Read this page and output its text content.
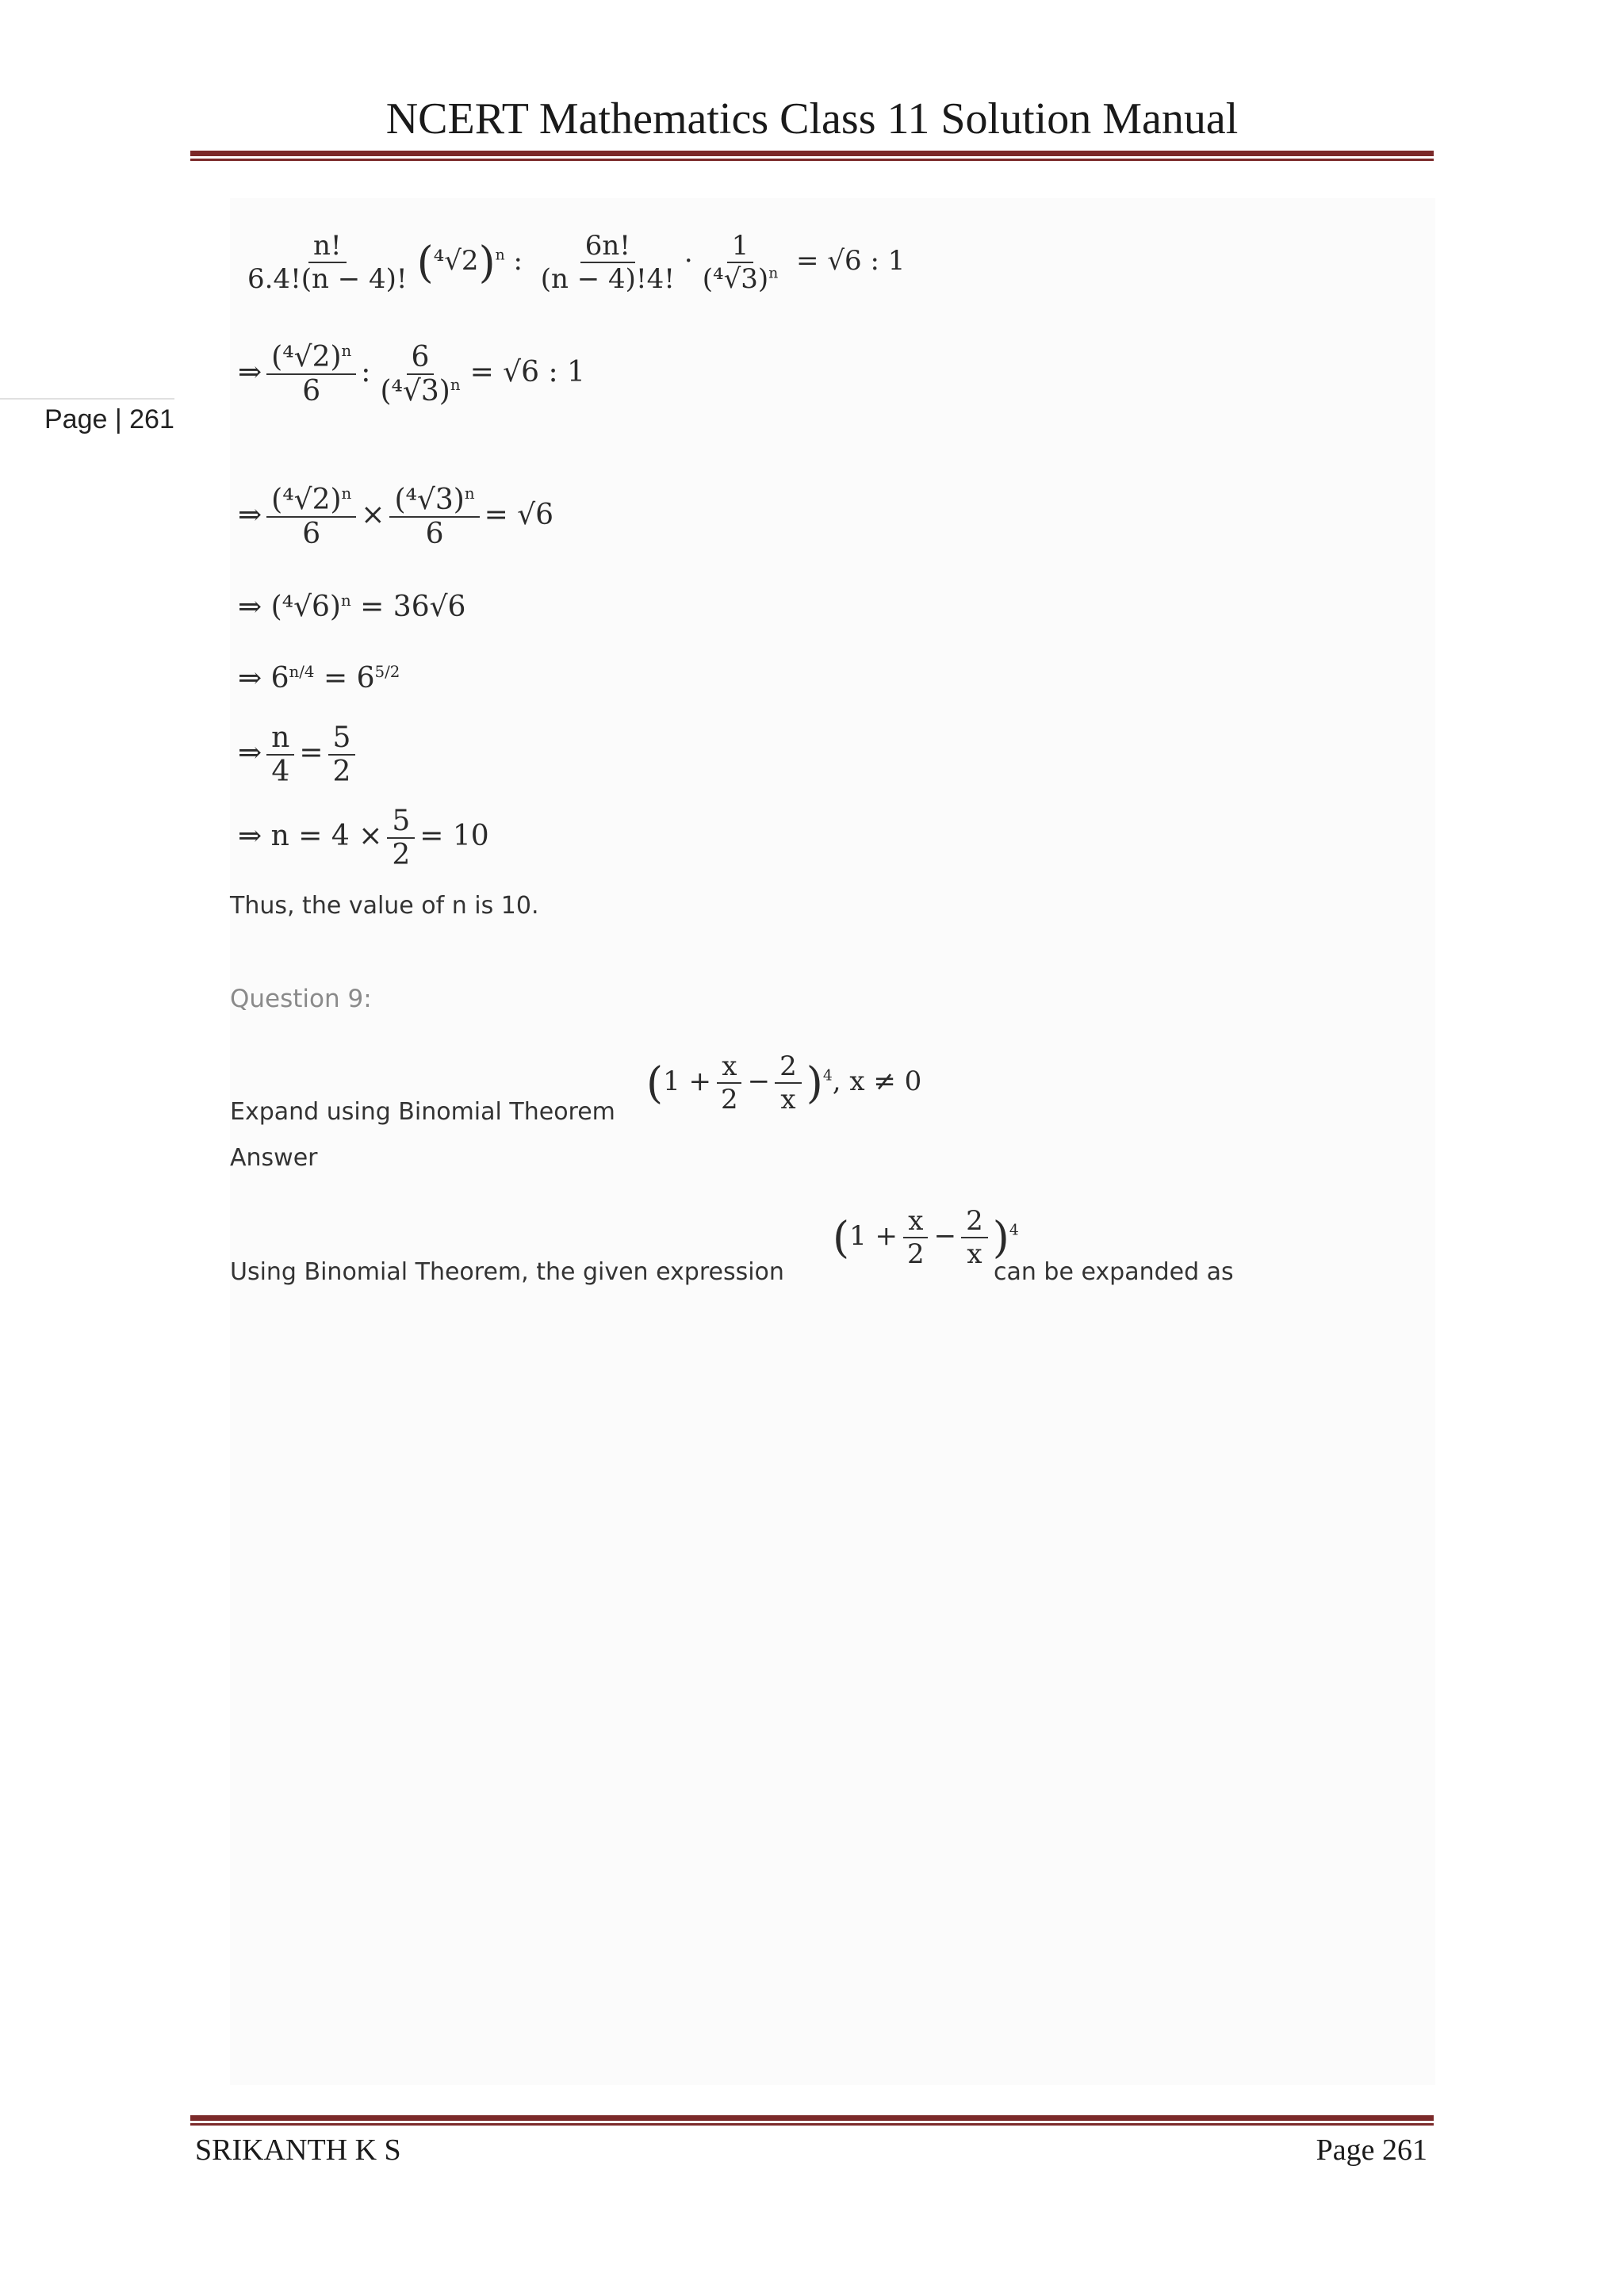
NCERT Mathematics Class 11 Solution Manual
Page | 261
$\frac{n!}{6.4!(n - 4)!} (^4√2)^n$ : $\frac{6n!}{(n - 4)!4!} \cdot \frac{1}{(^4√3)^n} = √6$ : 1
⇒ $\frac{(^4√2)^n}{6}$ : $\frac{6}{(^4√3)^n} = √6$ : 1
⇒ $\frac{(^4√2)^n}{6} \times \frac{(^4√3)^n}{6} = √6$
⇒ $(^4√6)^n = 36√6$
⇒ $6^{n/4} = 6^{5/2}$
⇒ $\frac{n}{4} = \frac{5}{2}$
⇒ $n = 4 \times \frac{5}{2} = 10$
Thus, the value of n is 10.
Question 9:
Expand using Binomial Theorem
$(1 + \frac{x}{2} - \frac{2}{x} )^4$, x ≠ 0
Answer
Using Binomial Theorem, the given expression
$(1 + \frac{x}{2} - \frac{2}{x} )^4$
can be expanded as
SRIKANTH K S	Page 261
